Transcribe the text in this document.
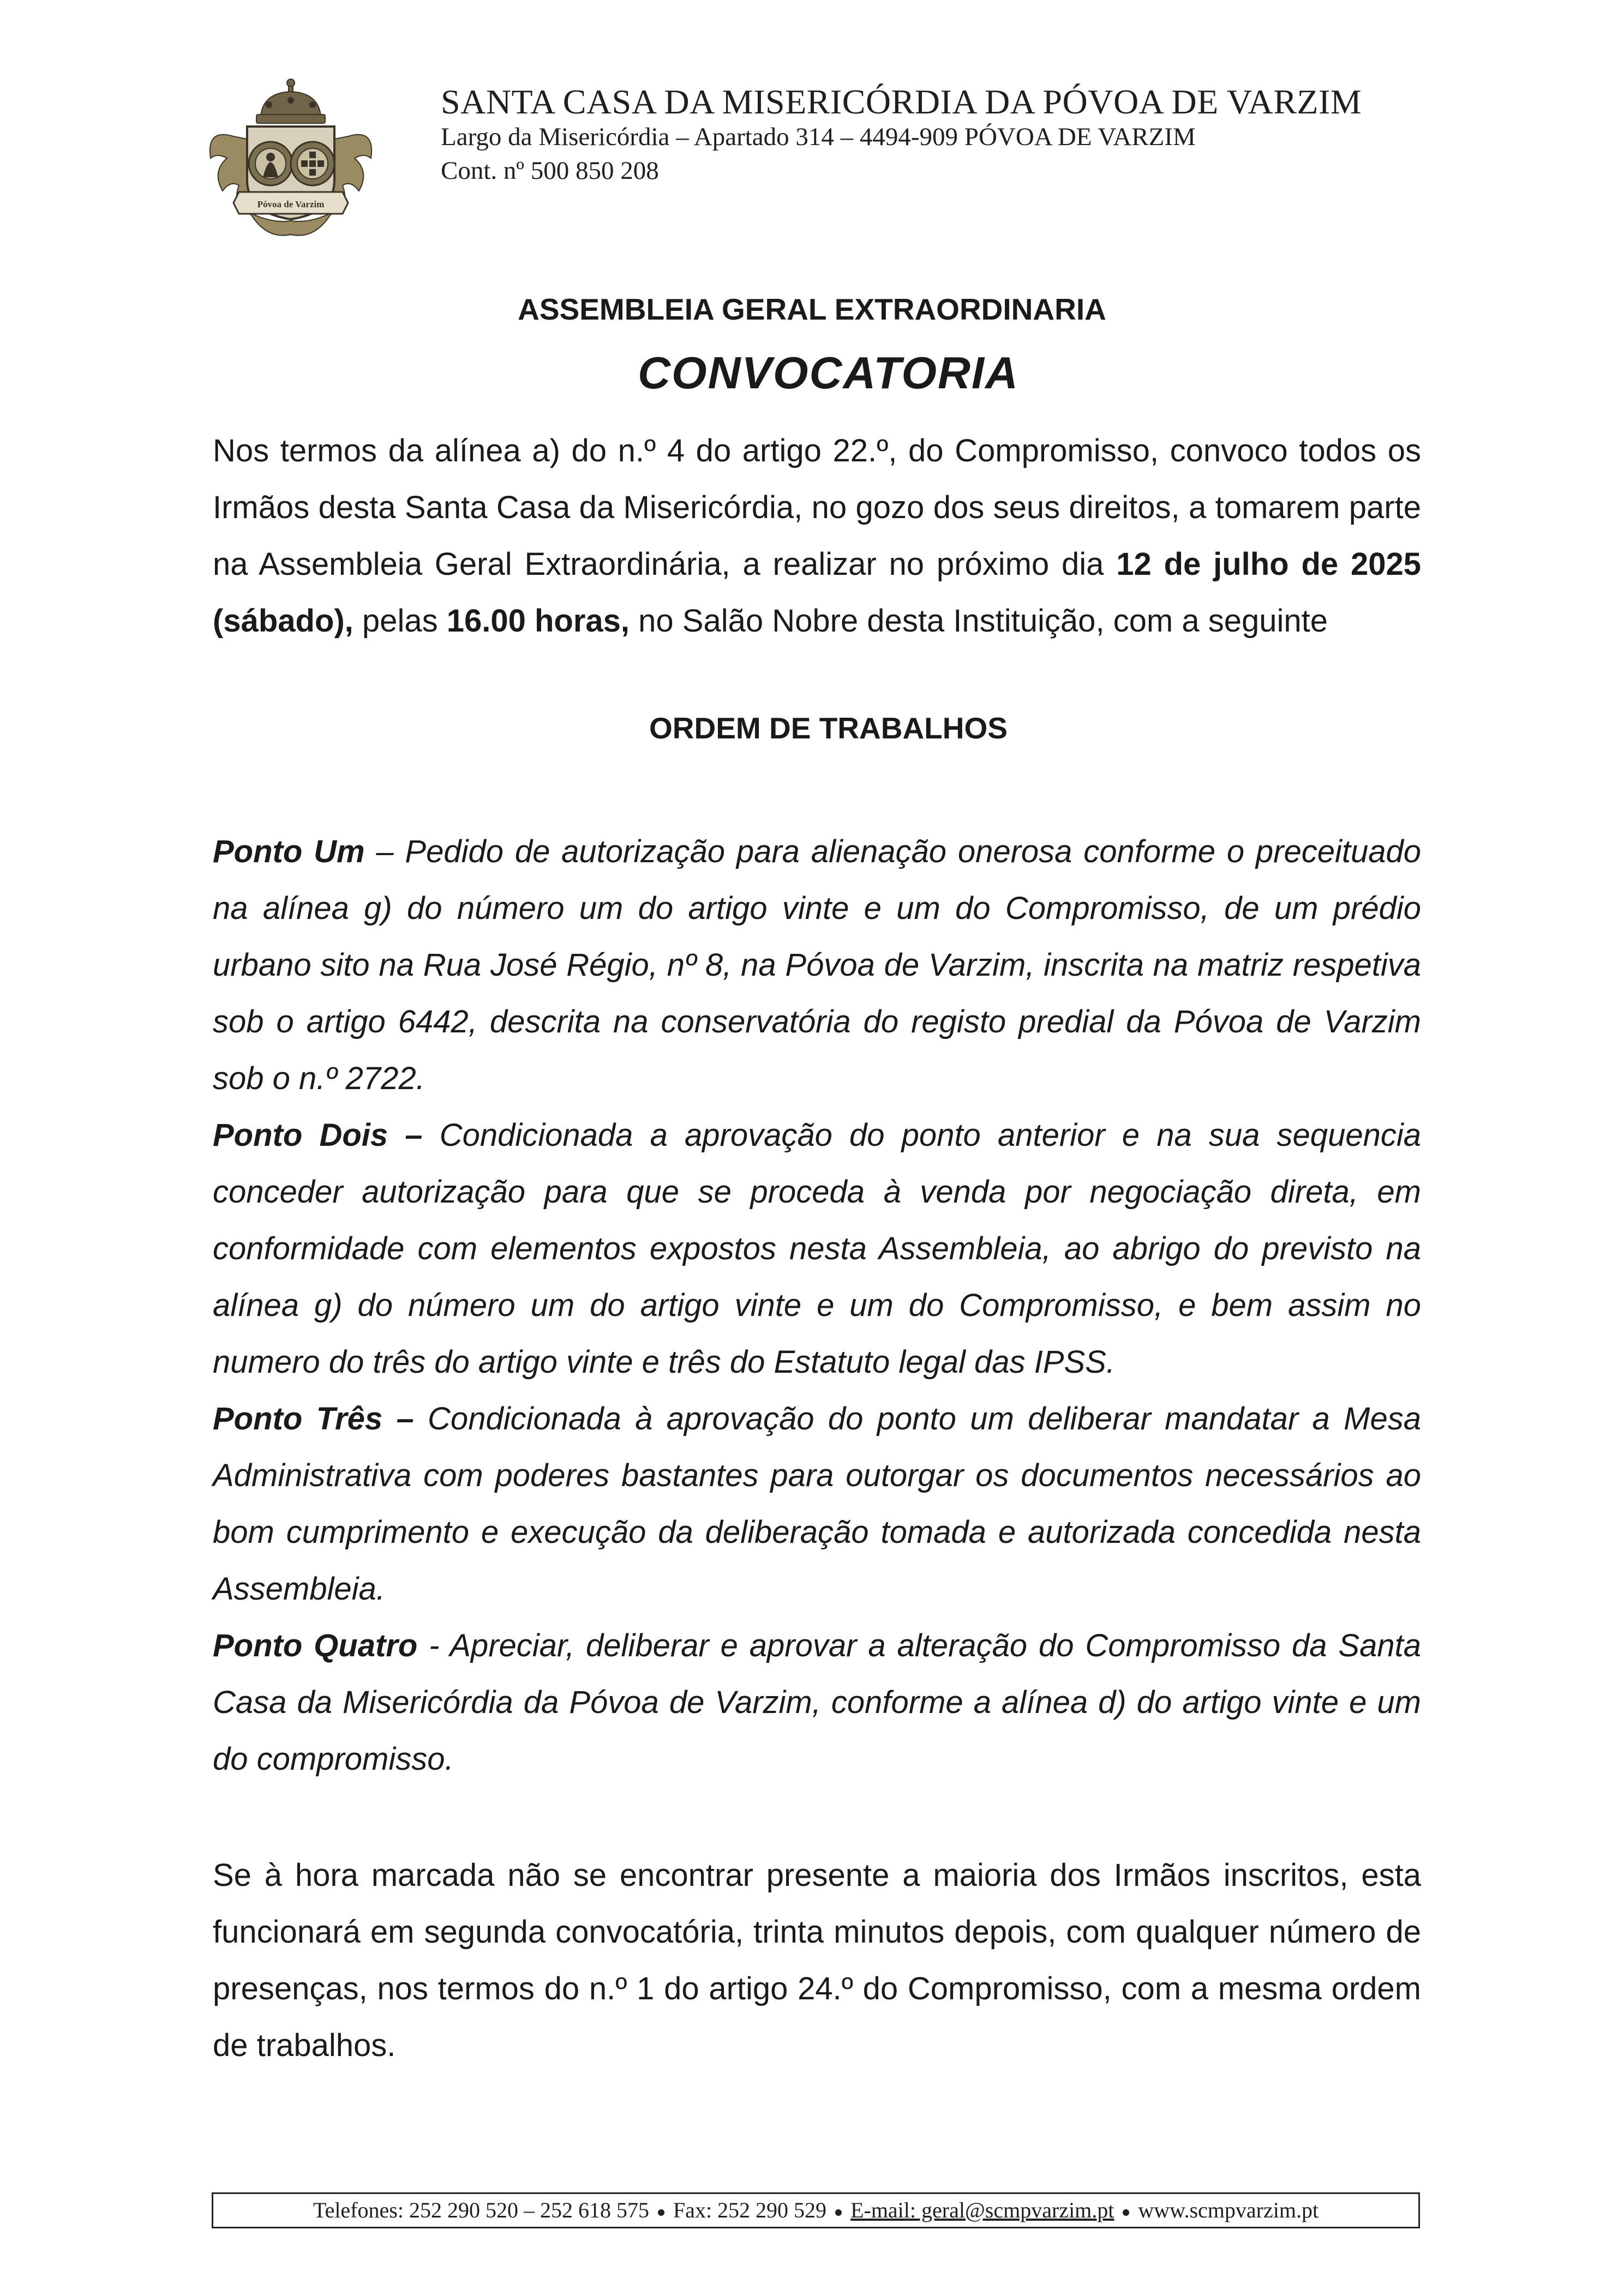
Póvoa de Varzim
SANTA CASA DA MISERICÓRDIA DA PÓVOA DE VARZIM
Largo da Misericórdia – Apartado 314 – 4494-909 PÓVOA DE VARZIM
Cont. nº 500 850 208
ASSEMBLEIA GERAL EXTRAORDINARIA
CONVOCATORIA
Nos termos da alínea a) do n.º 4 do artigo 22.º, do Compromisso, convoco todos os Irmãos desta Santa Casa da Misericórdia, no gozo dos seus direitos, a tomarem parte na Assembleia Geral Extraordinária, a realizar no próximo dia 12 de julho de 2025 (sábado), pelas 16.00 horas, no Salão Nobre desta Instituição, com a seguinte
ORDEM DE TRABALHOS

Ponto Um – Pedido de autorização para alienação onerosa conforme o preceituado na alínea g) do número um do artigo vinte e um do Compromisso, de um prédio urbano sito na Rua José Régio, nº 8, na Póvoa de Varzim, inscrita na matriz respetiva sob o artigo 6442, descrita na conservatória do registo predial da Póvoa de Varzim sob o n.º 2722.

Ponto Dois – Condicionada a aprovação do ponto anterior e na sua sequencia conceder autorização para que se proceda à venda por negociação direta, em conformidade com elementos expostos nesta Assembleia, ao abrigo do previsto na alínea g) do número um do artigo vinte e um do Compromisso, e bem assim no numero do três do artigo vinte e três do Estatuto legal das IPSS.

Ponto Três – Condicionada à aprovação do ponto um deliberar mandatar a Mesa Administrativa com poderes bastantes para outorgar os documentos necessários ao bom cumprimento e execução da deliberação tomada e autorizada concedida nesta Assembleia.

Ponto Quatro - Apreciar, deliberar e aprovar a alteração do Compromisso da Santa Casa da Misericórdia da Póvoa de Varzim, conforme a alínea d) do artigo vinte e um do compromisso.

Se à hora marcada não se encontrar presente a maioria dos Irmãos inscritos, esta funcionará em segunda convocatória, trinta minutos depois, com qualquer número de presenças, nos termos do n.º 1 do artigo 24.º do Compromisso, com a mesma ordem de trabalhos.
Telefones: 252 290 520 – 252 618 575 Fax: 252 290 529 E-mail: geral@scmpvarzim.pt www.scmpvarzim.pt
